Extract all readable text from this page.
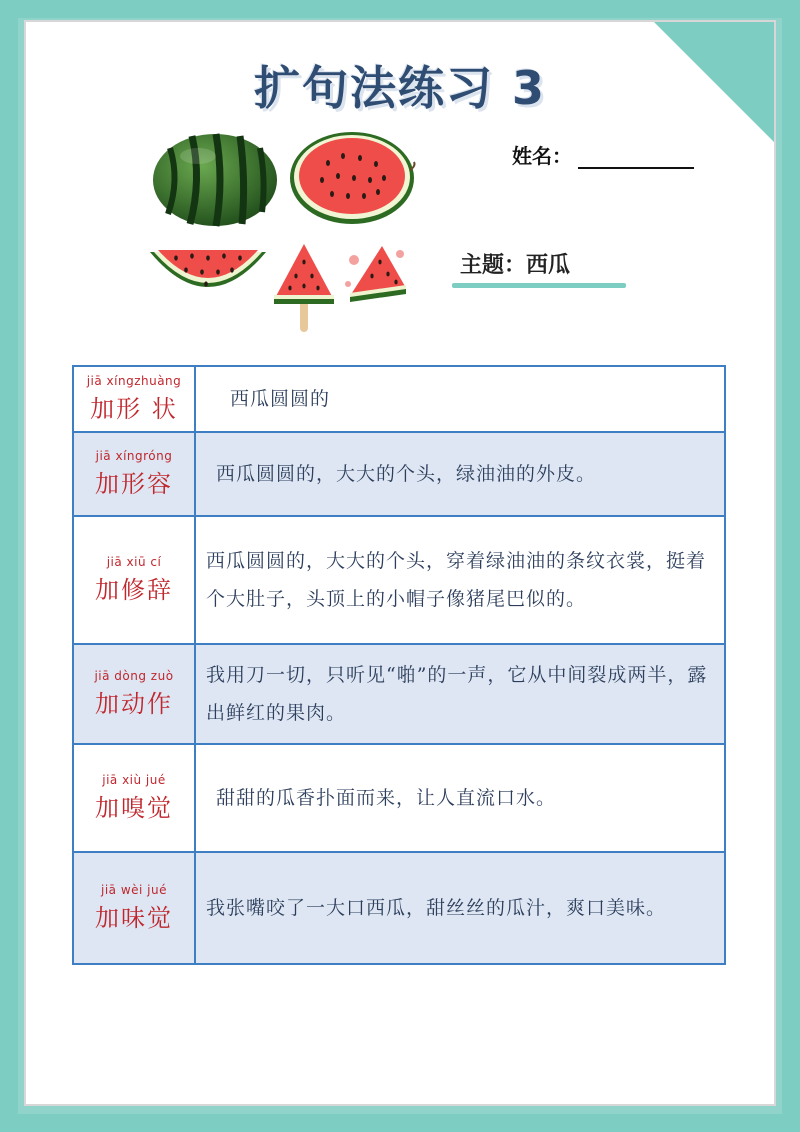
扩句法练习 3
姓名：
主题：西瓜
jiā xíngzhuàng
加形 状	西瓜圆圆的

jiā xíngróng
加形容	西瓜圆圆的，大大的个头，绿油油的外皮。

jiā xiū cí
加修辞	西瓜圆圆的，大大的个头，穿着绿油油的条纹衣裳，挺着个大肚子，头顶上的小帽子像猪尾巴似的。

jiā dòng zuò
加动作	我用刀一切，只听见“啪”的一声，它从中间裂成两半，露出鲜红的果肉。

jiā xiù jué
加嗅觉	甜甜的瓜香扑面而来，让人直流口水。

jiā wèi jué
加味觉	我张嘴咬了一大口西瓜，甜丝丝的瓜汁，爽口美味。
